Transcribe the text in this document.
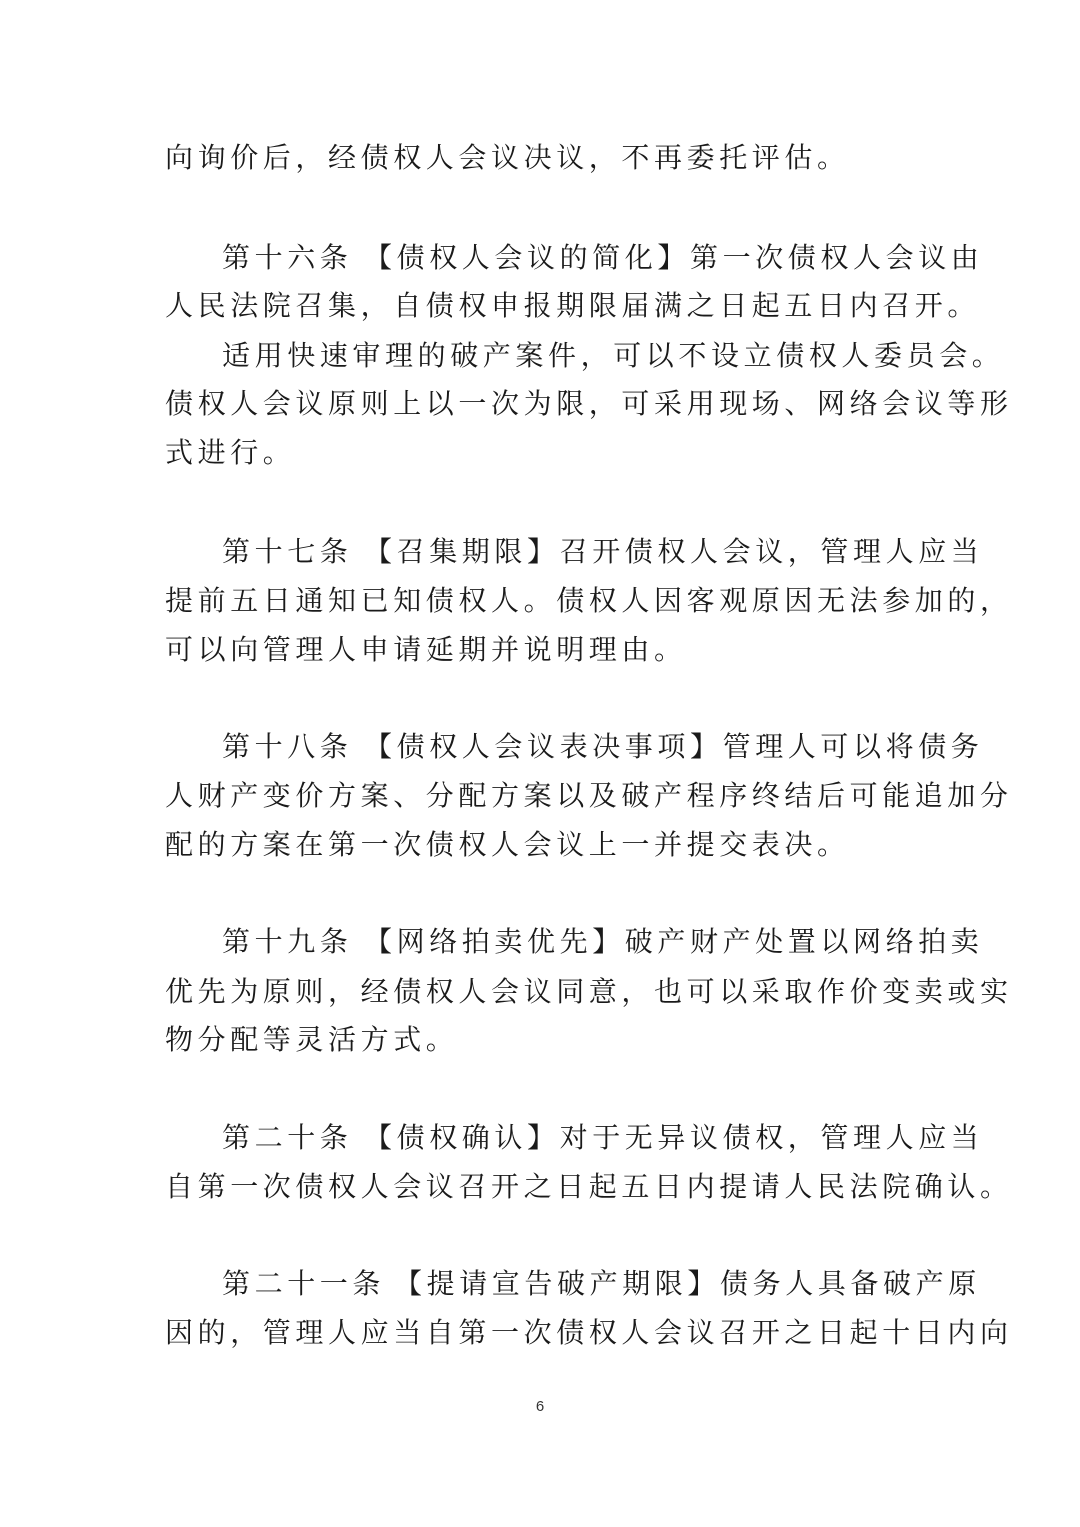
向询价后，经债权人会议决议，不再委托评估。
第十六条 【债权人会议的简化】第一次债权人会议由
人民法院召集，自债权申报期限届满之日起五日内召开。
适用快速审理的破产案件，可以不设立债权人委员会。
债权人会议原则上以一次为限，可采用现场、网络会议等形
式进行。
第十七条 【召集期限】召开债权人会议，管理人应当
提前五日通知已知债权人。债权人因客观原因无法参加的，
可以向管理人申请延期并说明理由。
第十八条 【债权人会议表决事项】管理人可以将债务
人财产变价方案、分配方案以及破产程序终结后可能追加分
配的方案在第一次债权人会议上一并提交表决。
第十九条 【网络拍卖优先】破产财产处置以网络拍卖
优先为原则，经债权人会议同意，也可以采取作价变卖或实
物分配等灵活方式。
第二十条 【债权确认】对于无异议债权，管理人应当
自第一次债权人会议召开之日起五日内提请人民法院确认。
第二十一条 【提请宣告破产期限】债务人具备破产原
因的，管理人应当自第一次债权人会议召开之日起十日内向
6
